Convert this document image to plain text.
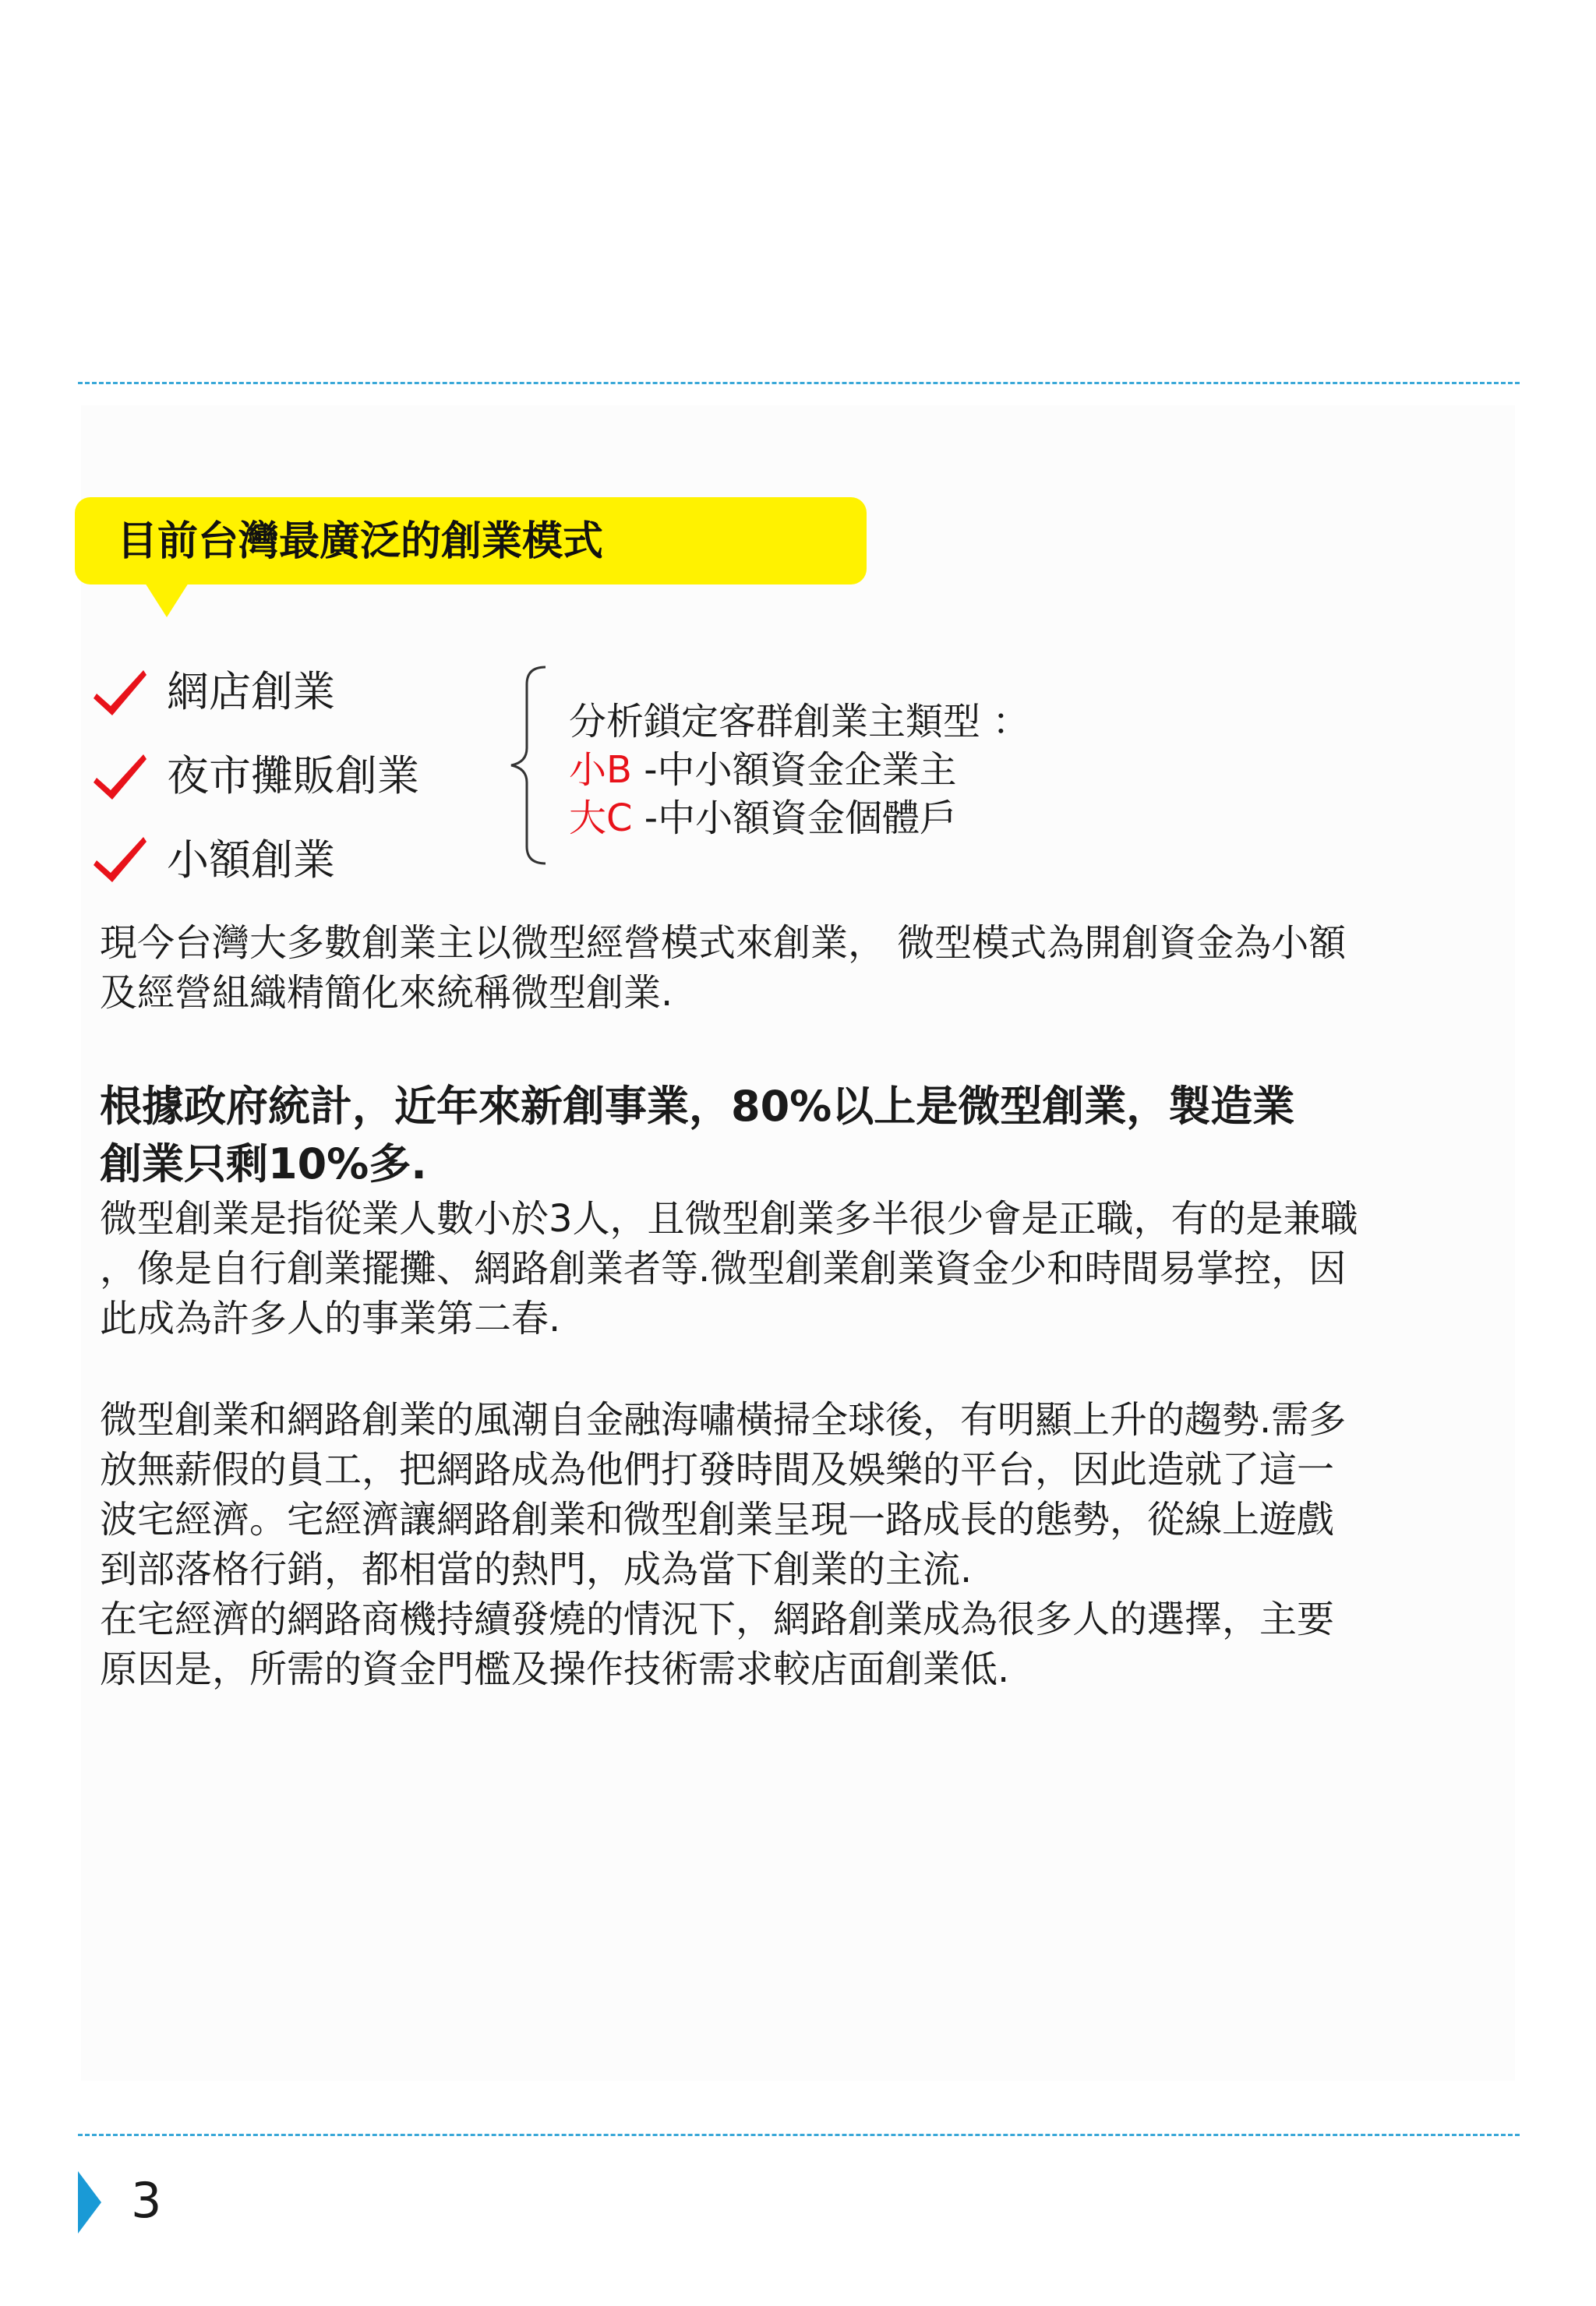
目前台灣最廣泛的創業模式
網店創業
夜市攤販創業
小額創業
分析鎖定客群創業主類型 ：
小B -中小額資金企業主
大C -中小額資金個體戶
現今台灣大多數創業主以微型經營模式來創業， 微型模式為開創資金為小額
及經營組織精簡化來統稱微型創業.
根據政府統計，近年來新創事業，80%以上是微型創業，製造業
創業只剩10%多.
微型創業是指從業人數小於3人，且微型創業多半很少會是正職，有的是兼職
，像是自行創業擺攤、網路創業者等.微型創業創業資金少和時間易掌控，因
此成為許多人的事業第二春.
微型創業和網路創業的風潮自金融海嘯橫掃全球後，有明顯上升的趨勢.需多
放無薪假的員工，把網路成為他們打發時間及娛樂的平台，因此造就了這一
波宅經濟。宅經濟讓網路創業和微型創業呈現一路成長的態勢，從線上遊戲
到部落格行銷，都相當的熱門，成為當下創業的主流.
在宅經濟的網路商機持續發燒的情況下，網路創業成為很多人的選擇，主要
原因是，所需的資金門檻及操作技術需求較店面創業低.
3
